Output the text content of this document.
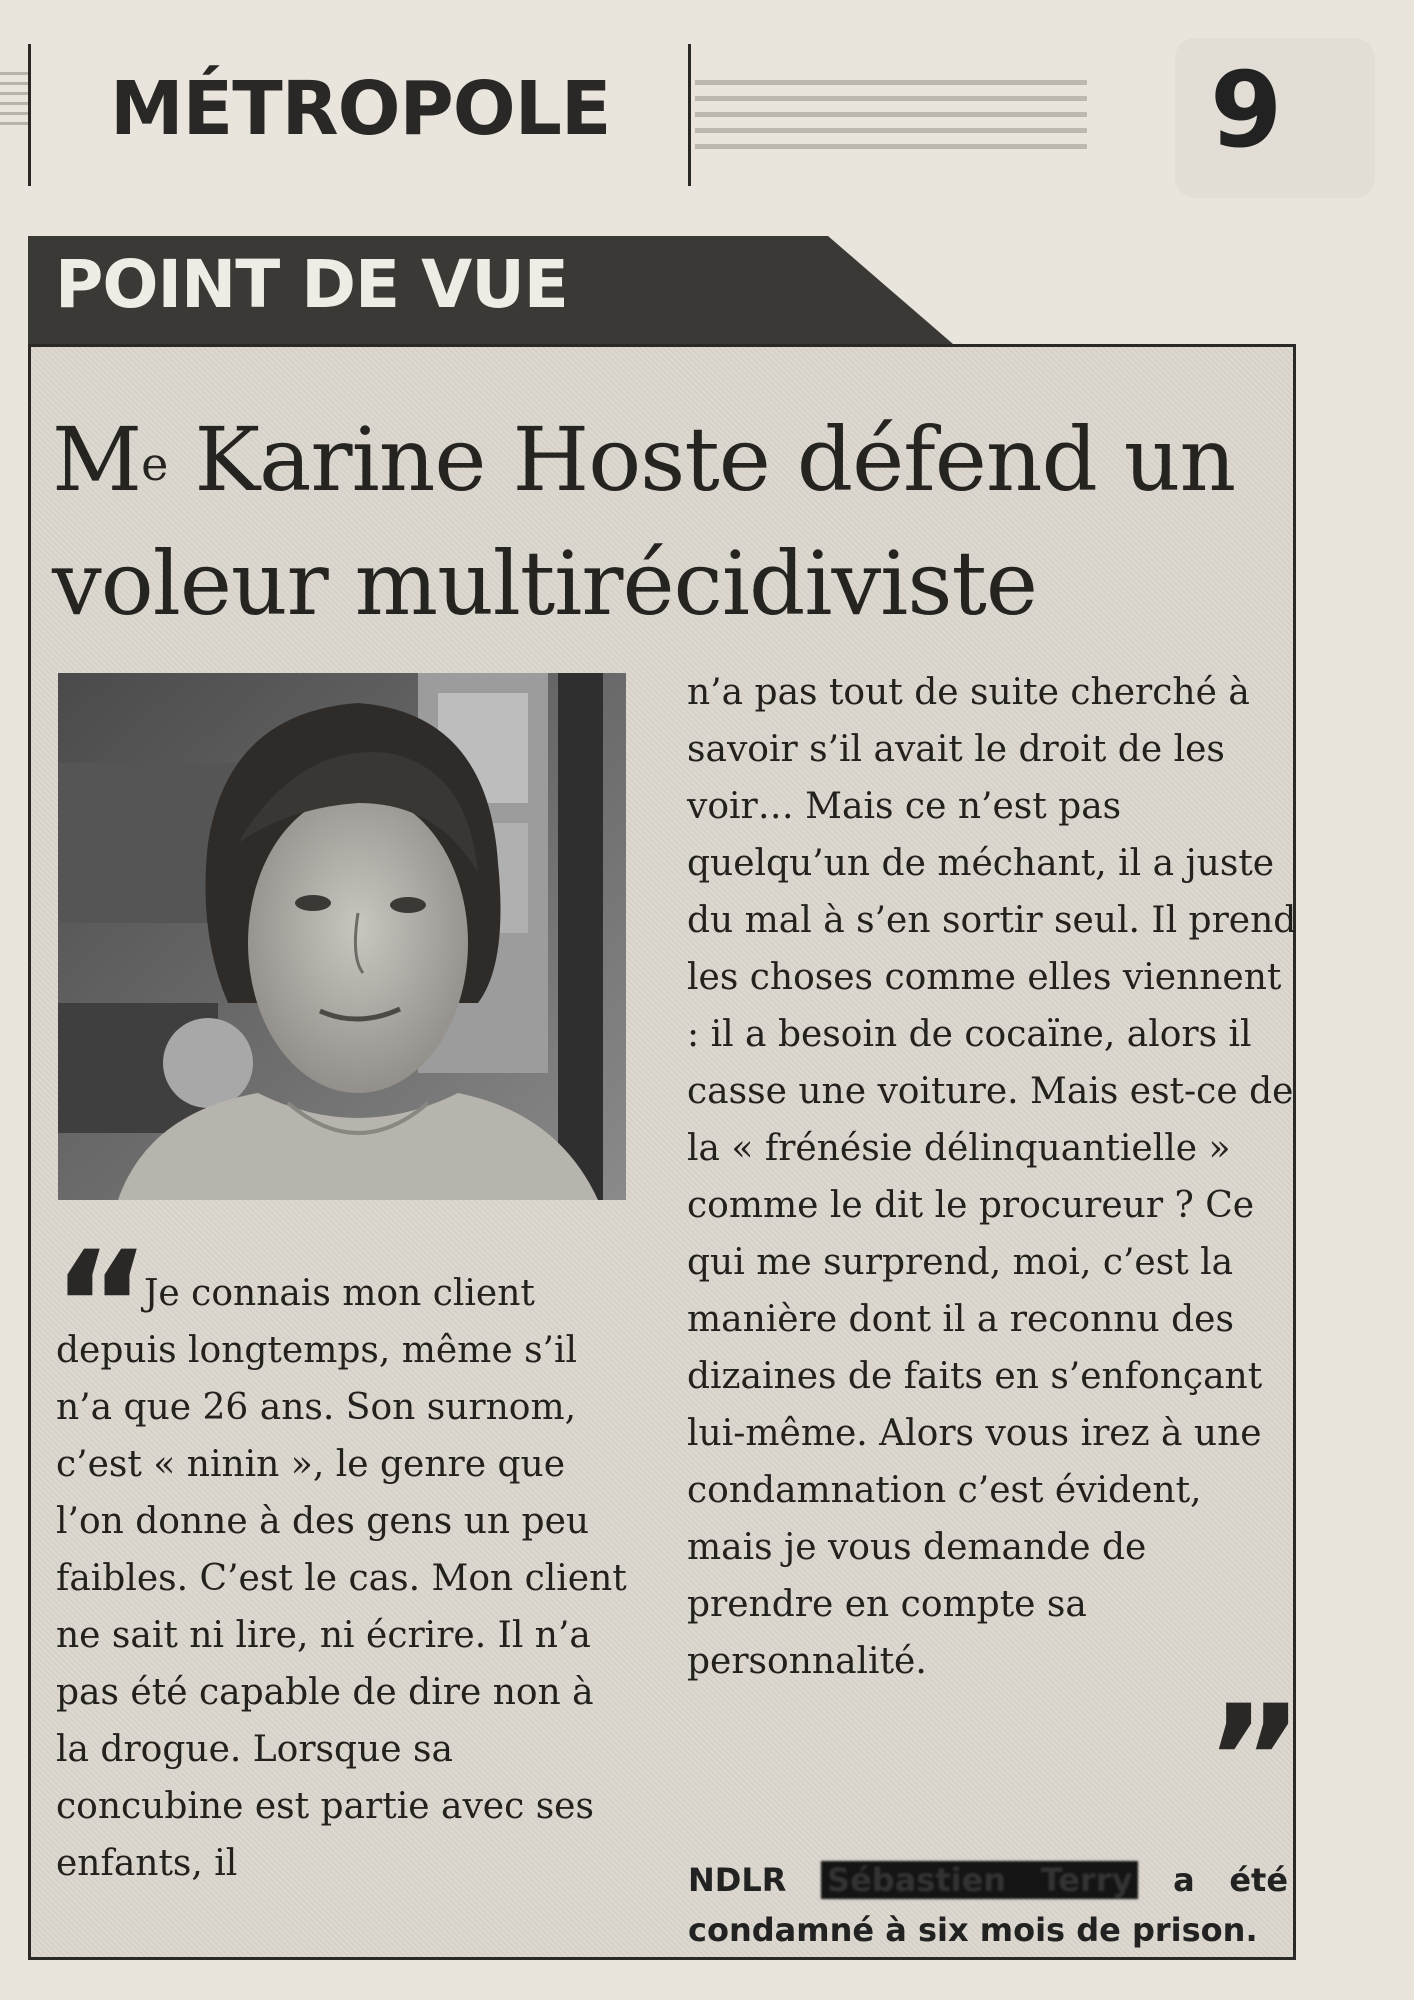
MÉTROPOLE	9
POINT DE VUE
Me Karine Hoste défend un voleur multirécidiviste
“
”

Je connais mon client depuis longtemps, même s’il n’a que 26 ans. Son surnom, c’est « ninin », le genre que l’on donne à des gens un peu faibles. C’est le cas. Mon client ne sait ni lire, ni écrire. Il n’a pas été capable de dire non à la drogue. Lorsque sa concubine est partie avec ses enfants, il

n’a pas tout de suite cherché à savoir s’il avait le droit de les voir… Mais ce n’est pas quelqu’un de méchant, il a juste du mal à s’en sortir seul. Il prend les choses comme elles viennent : il a besoin de cocaïne, alors il casse une voiture. Mais est-ce de la « frénésie délinquantielle » comme le dit le procureur ? Ce qui me surprend, moi, c’est la manière dont il a reconnu des dizaines de faits en s’enfonçant lui-même. Alors vous irez à une condamnation c’est évident, mais je vous demande de prendre en compte sa personnalité.

NDLR Sébastien Terry a été condamné à six mois de prison.
